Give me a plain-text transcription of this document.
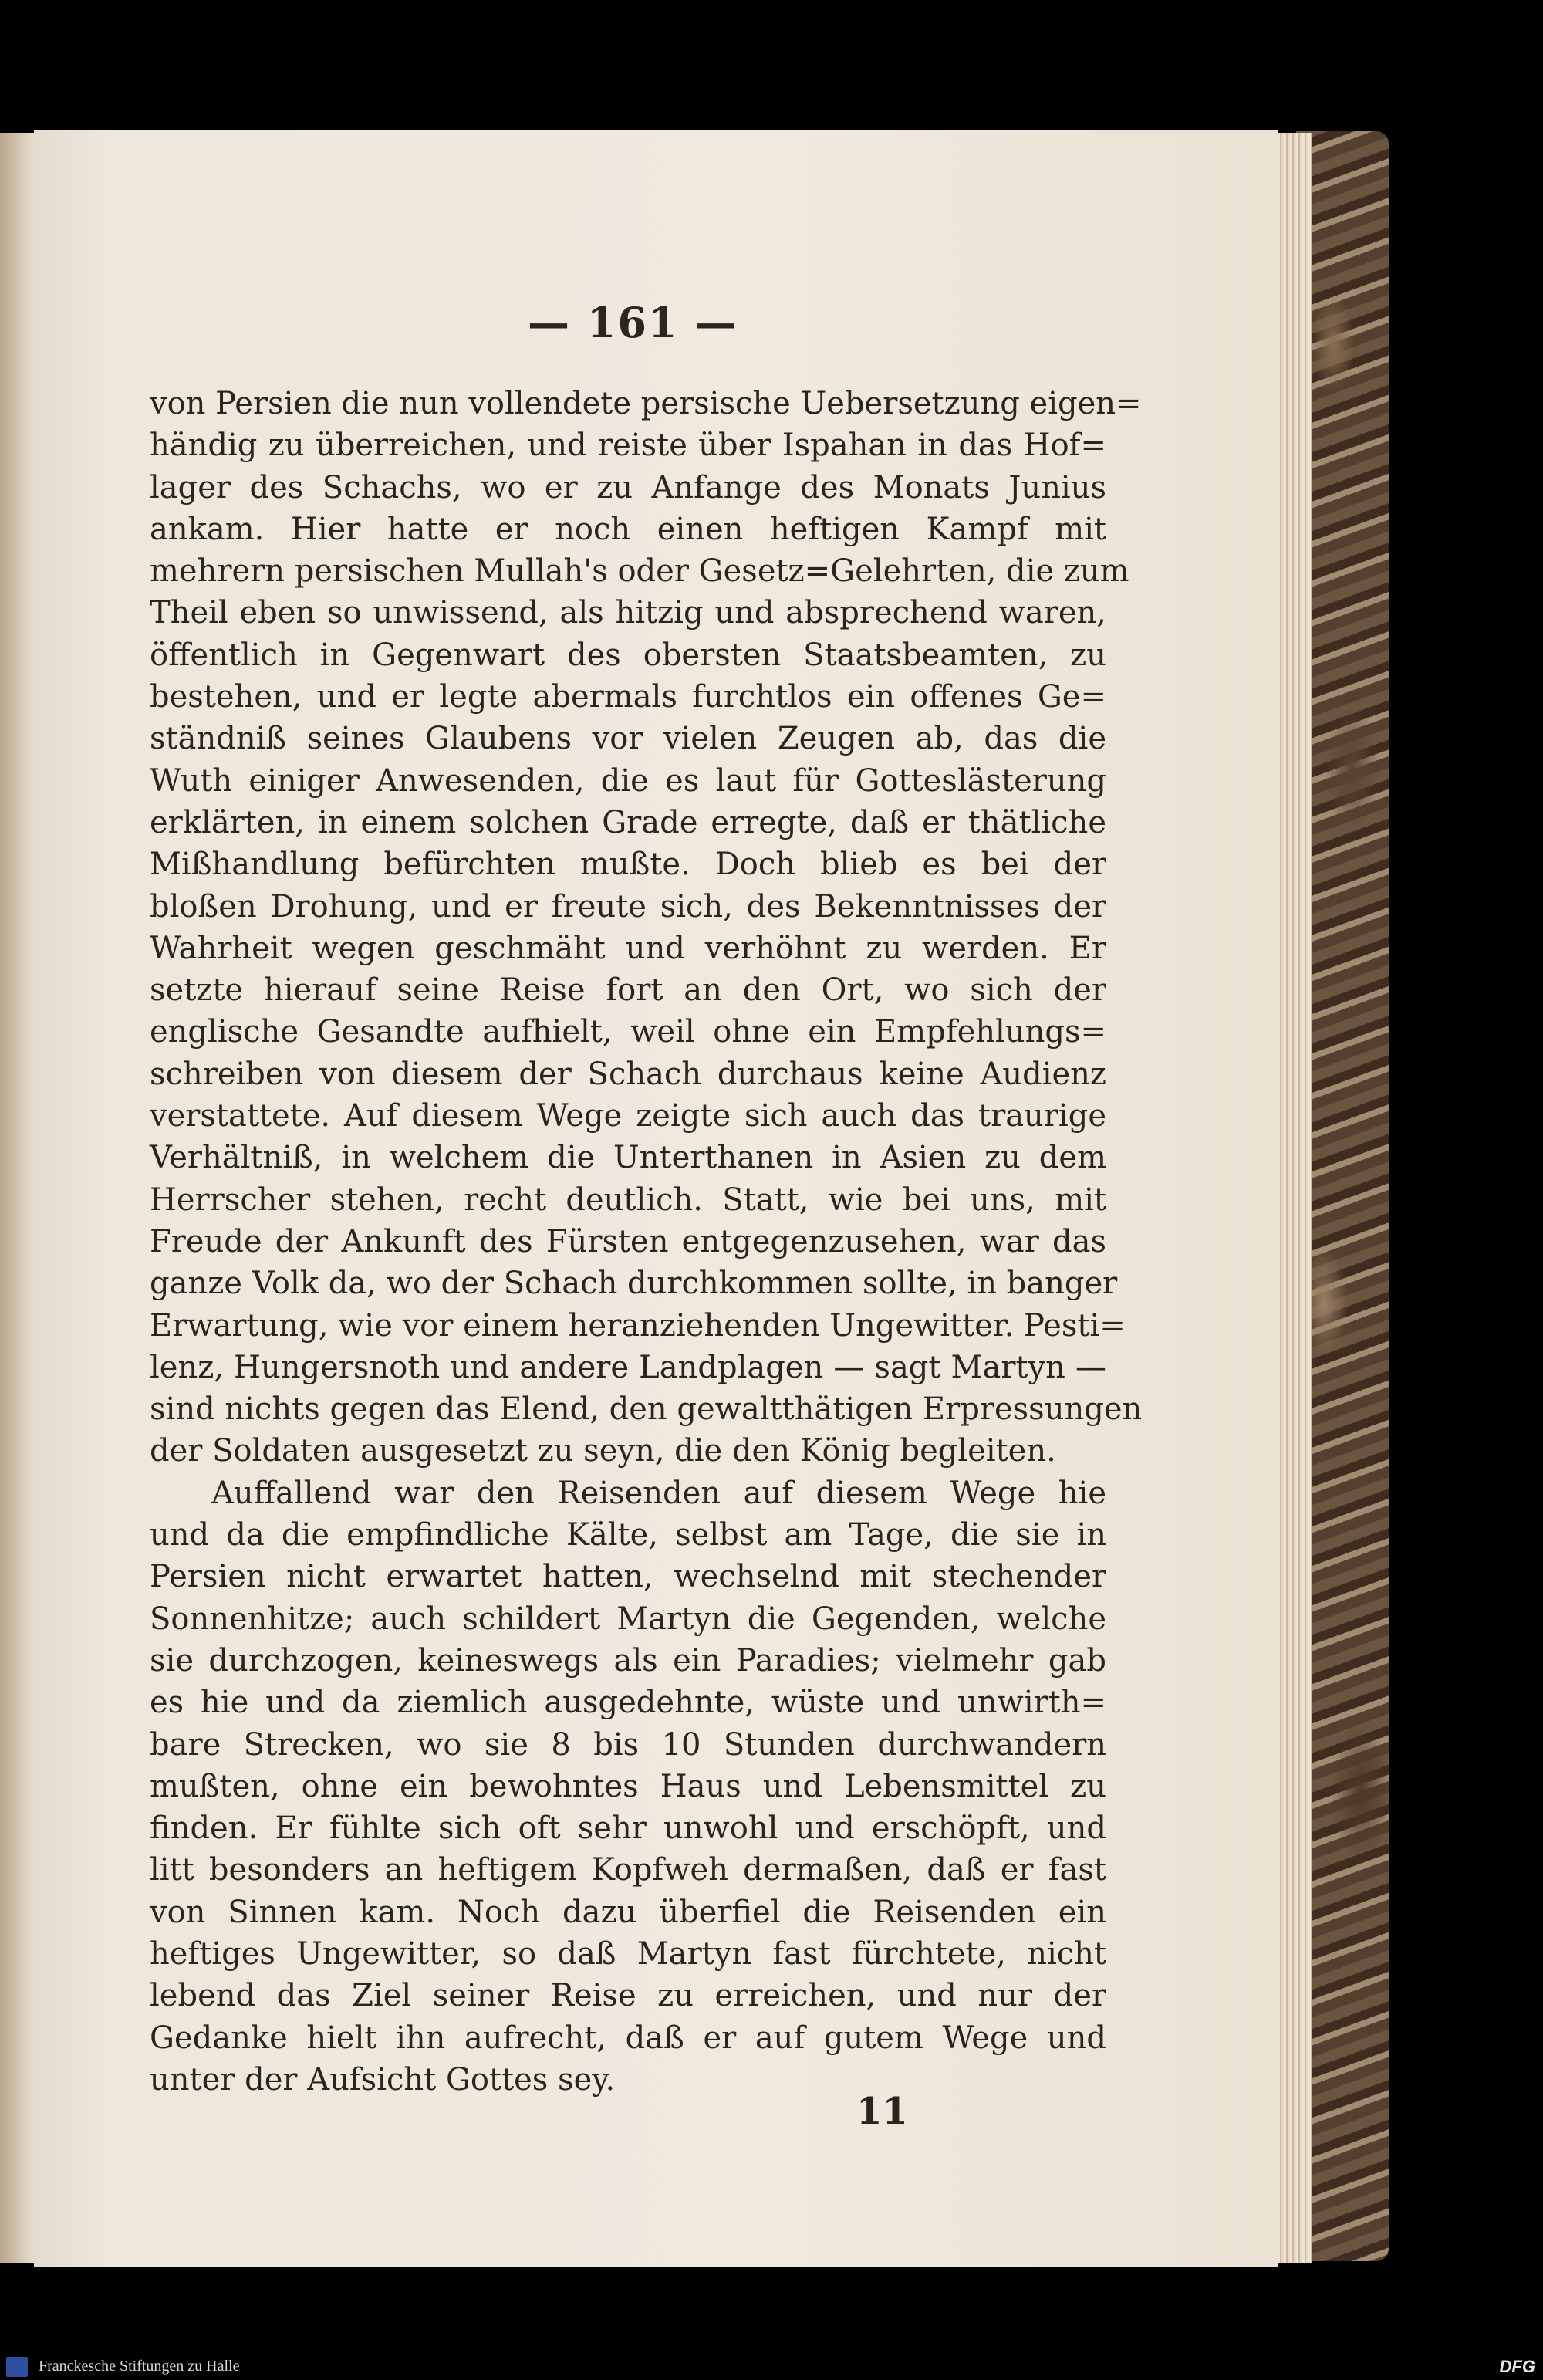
— 161 —
von Persien die nun vollendete persische Uebersetzung eigen=
händig zu überreichen, und reiste über Ispahan in das Hof=
lager des Schachs, wo er zu Anfange des Monats Junius
ankam. Hier hatte er noch einen heftigen Kampf mit
mehrern persischen Mullah's oder Gesetz=Gelehrten, die zum
Theil eben so unwissend, als hitzig und absprechend waren,
öffentlich in Gegenwart des obersten Staatsbeamten, zu
bestehen, und er legte abermals furchtlos ein offenes Ge=
ständniß seines Glaubens vor vielen Zeugen ab, das die
Wuth einiger Anwesenden, die es laut für Gotteslästerung
erklärten, in einem solchen Grade erregte, daß er thätliche
Mißhandlung befürchten mußte. Doch blieb es bei der
bloßen Drohung, und er freute sich, des Bekenntnisses der
Wahrheit wegen geschmäht und verhöhnt zu werden. Er
setzte hierauf seine Reise fort an den Ort, wo sich der
englische Gesandte aufhielt, weil ohne ein Empfehlungs=
schreiben von diesem der Schach durchaus keine Audienz
verstattete. Auf diesem Wege zeigte sich auch das traurige
Verhältniß, in welchem die Unterthanen in Asien zu dem
Herrscher stehen, recht deutlich. Statt, wie bei uns, mit
Freude der Ankunft des Fürsten entgegenzusehen, war das
ganze Volk da, wo der Schach durchkommen sollte, in banger
Erwartung, wie vor einem heranziehenden Ungewitter. Pesti=
lenz, Hungersnoth und andere Landplagen — sagt Martyn —
sind nichts gegen das Elend, den gewaltthätigen Erpressungen
der Soldaten ausgesetzt zu seyn, die den König begleiten.
Auffallend war den Reisenden auf diesem Wege hie
und da die empfindliche Kälte, selbst am Tage, die sie in
Persien nicht erwartet hatten, wechselnd mit stechender
Sonnenhitze; auch schildert Martyn die Gegenden, welche
sie durchzogen, keineswegs als ein Paradies; vielmehr gab
es hie und da ziemlich ausgedehnte, wüste und unwirth=
bare Strecken, wo sie 8 bis 10 Stunden durchwandern
mußten, ohne ein bewohntes Haus und Lebensmittel zu
finden. Er fühlte sich oft sehr unwohl und erschöpft, und
litt besonders an heftigem Kopfweh dermaßen, daß er fast
von Sinnen kam. Noch dazu überfiel die Reisenden ein
heftiges Ungewitter, so daß Martyn fast fürchtete, nicht
lebend das Ziel seiner Reise zu erreichen, und nur der
Gedanke hielt ihn aufrecht, daß er auf gutem Wege und
unter der Aufsicht Gottes sey.
11
Franckesche Stiftungen zu Halle	DFG
